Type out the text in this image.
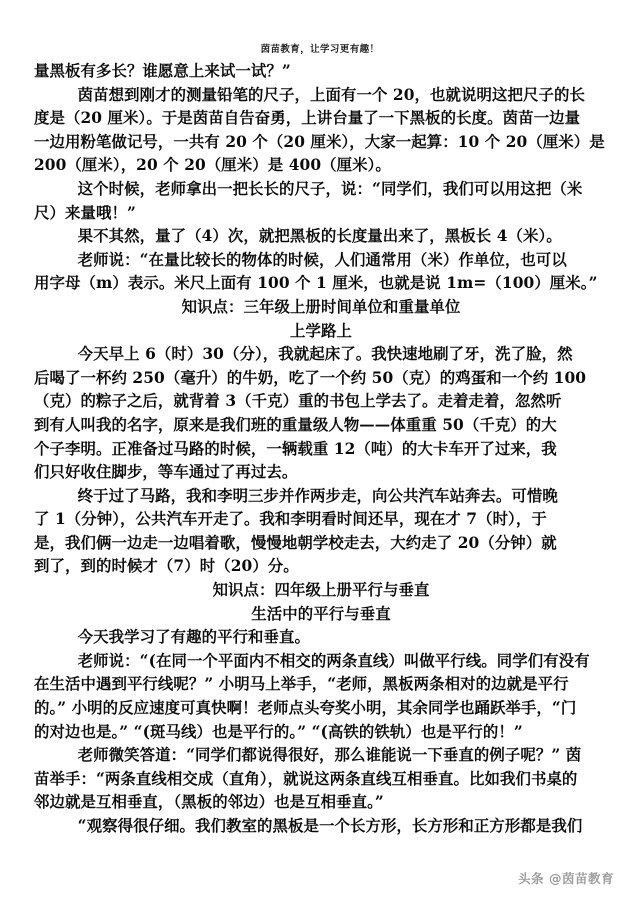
茵苗教育，让学习更有趣！
量黑板有多长？谁愿意上来试一试？”
茵苗想到刚才的测量铅笔的尺子，上面有一个 20，也就说明这把尺子的长
度是（20 厘米）。于是茵苗自告奋勇，上讲台量了一下黑板的长度。茵苗一边量
一边用粉笔做记号，一共有 20 个（20 厘米），大家一起算：10 个 20（厘米）是
200（厘米），20 个 20（厘米）是 400（厘米）。
这个时候，老师拿出一把长长的尺子，说：“同学们，我们可以用这把（米
尺）来量哦！”
果不其然，量了（4）次，就把黑板的长度量出来了，黑板长 4（米）。
老师说：“在量比较长的物体的时候，人们通常用（米）作单位，也可以
用字母（m）表示。米尺上面有 100 个 1 厘米，也就是说 1m=（100）厘米。”
知识点：三年级上册时间单位和重量单位
上学路上
今天早上 6（时）30（分），我就起床了。我快速地刷了牙，洗了脸，然
后喝了一杯约 250（毫升）的牛奶，吃了一个约 50（克）的鸡蛋和一个约 100
（克）的粽子之后，就背着 3（千克）重的书包上学去了。走着走着，忽然听
到有人叫我的名字，原来是我们班的重量级人物——体重重 50（千克）的大
个子李明。正准备过马路的时候，一辆载重 12（吨）的大卡车开了过来，我
们只好收住脚步，等车通过了再过去。
终于过了马路，我和李明三步并作两步走，向公共汽车站奔去。可惜晚
了 1（分钟），公共汽车开走了。我和李明看时间还早，现在才 7（时），于
是，我们俩一边走一边唱着歌，慢慢地朝学校走去，大约走了 20（分钟）就
到了，到的时候才（7）时（20）分。
知识点：四年级上册平行与垂直
生活中的平行与垂直
今天我学习了有趣的平行和垂直。
老师说：“(在同一个平面内不相交的两条直线）叫做平行线。同学们有没有
在生活中遇到平行线呢？” 小明马上举手，“老师，黑板两条相对的边就是平行
的。” 小明的反应速度可真快啊！老师点头夸奖小明，其余同学也踊跃举手，“门
的对边也是。” “(斑马线）也是平行的。” “(高铁的铁轨）也是平行的！”
老师微笑答道：“同学们都说得很好，那么谁能说一下垂直的例子呢？” 茵
苗举手：“两条直线相交成（直角），就说这两条直线互相垂直。比如我们书桌的
邻边就是互相垂直，（黑板的邻边）也是互相垂直。”
“观察得很仔细。我们教室的黑板是一个长方形，长方形和正方形都是我们
头条 @茵苗教育
